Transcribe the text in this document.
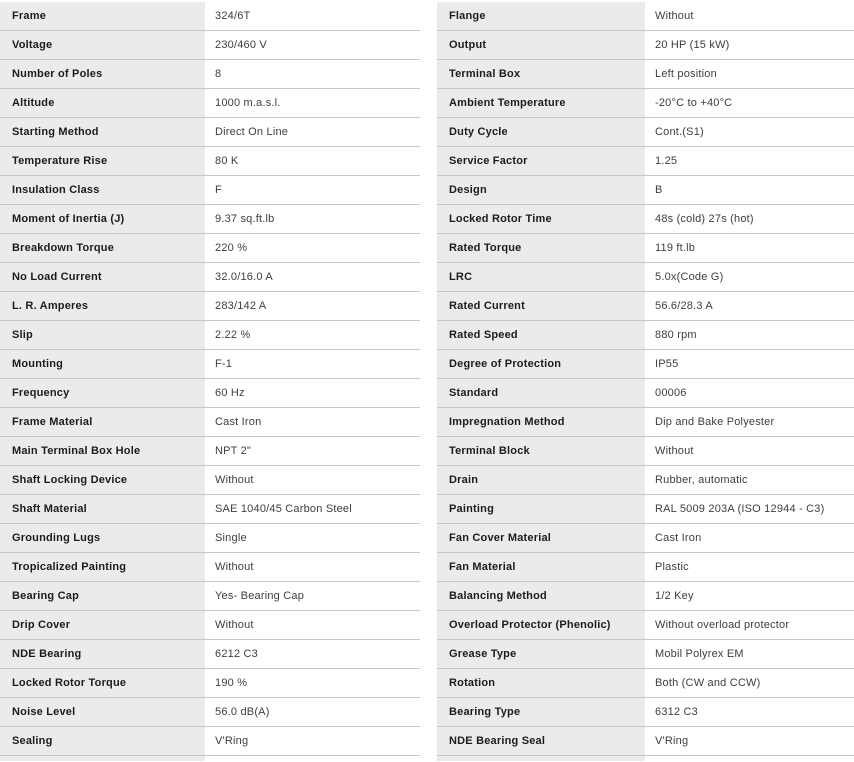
Frame	324/6T
Voltage	230/460 V
Number of Poles	8
Altitude	1000 m.a.s.l.
Starting Method	Direct On Line
Temperature Rise	80 K
Insulation Class	F
Moment of Inertia (J)	9.37 sq.ft.lb
Breakdown Torque	220 %
No Load Current	32.0/16.0 A
L. R. Amperes	283/142 A
Slip	2.22 %
Mounting	F-1
Frequency	60 Hz
Frame Material	Cast Iron
Main Terminal Box Hole	NPT 2"
Shaft Locking Device	Without
Shaft Material	SAE 1040/45 Carbon Steel
Grounding Lugs	Single
Tropicalized Painting	Without
Bearing Cap	Yes- Bearing Cap
Drip Cover	Without
NDE Bearing	6212 C3
Locked Rotor Torque	190 %
Noise Level	56.0 dB(A)
Sealing	V'Ring
Flange	Without
Output	20 HP (15 kW)
Terminal Box	Left position
Ambient Temperature	-20°C to +40°C
Duty Cycle	Cont.(S1)
Service Factor	1.25
Design	B
Locked Rotor Time	48s (cold) 27s (hot)
Rated Torque	119 ft.lb
LRC	5.0x(Code G)
Rated Current	56.6/28.3 A
Rated Speed	880 rpm
Degree of Protection	IP55
Standard	00006
Impregnation Method	Dip and Bake Polyester
Terminal Block	Without
Drain	Rubber, automatic
Painting	RAL 5009 203A (ISO 12944 - C3)
Fan Cover Material	Cast Iron
Fan Material	Plastic
Balancing Method	1/2 Key
Overload Protector (Phenolic)	Without overload protector
Grease Type	Mobil Polyrex EM
Rotation	Both (CW and CCW)
Bearing Type	6312 C3
NDE Bearing Seal	V'Ring
